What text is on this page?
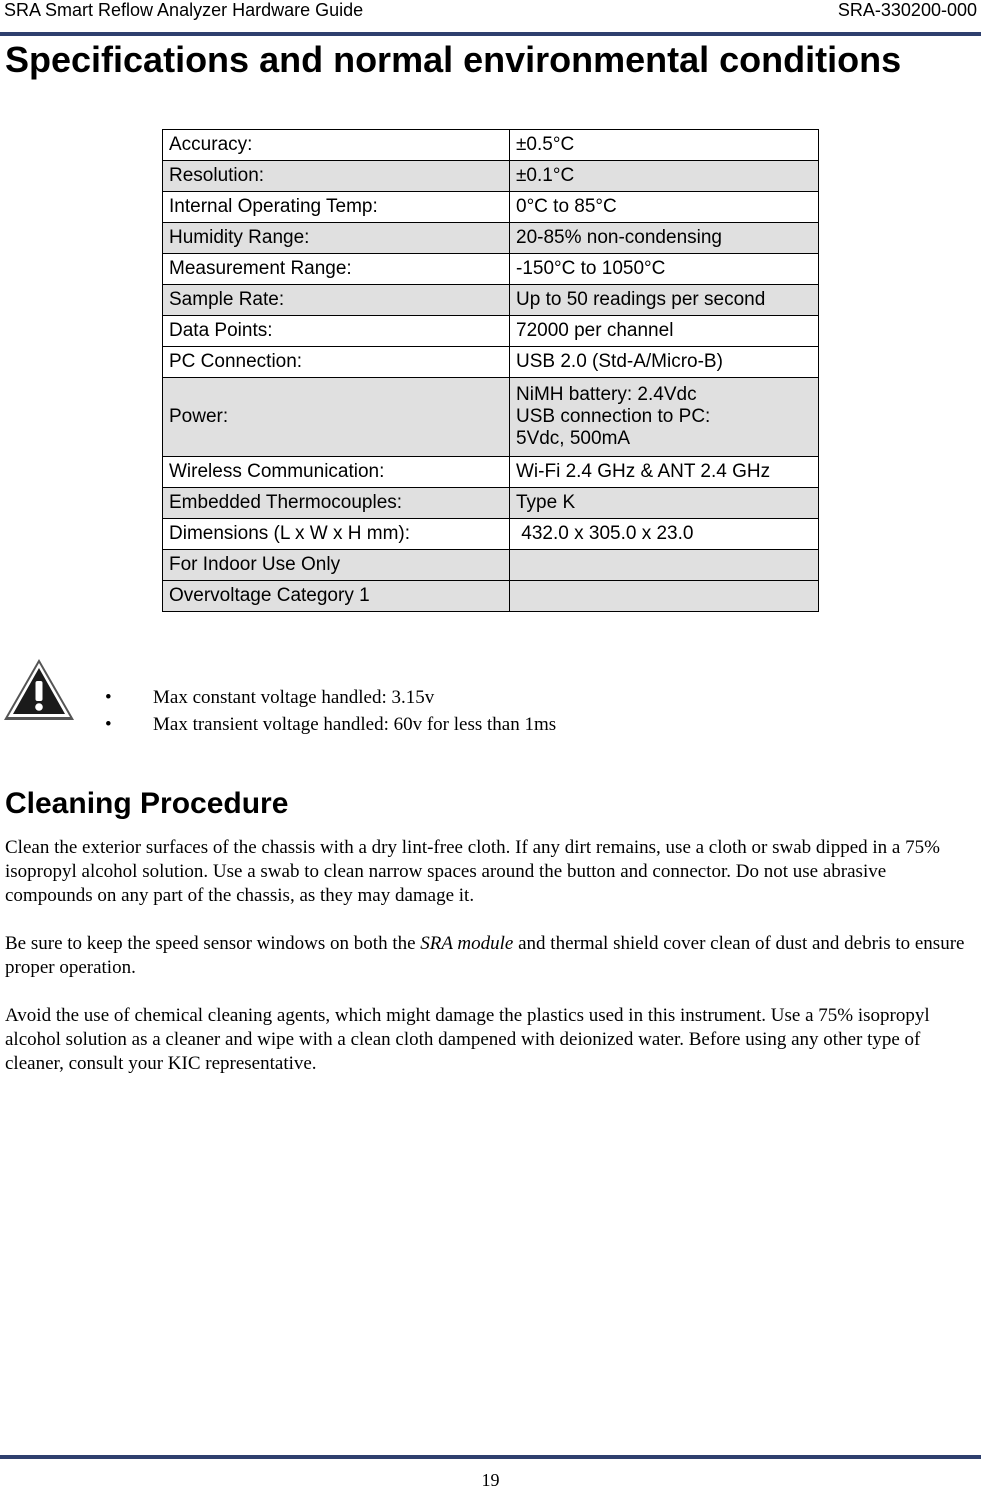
SRA Smart Reflow Analyzer Hardware Guide	SRA-330200-000
Specifications and normal environmental conditions
Accuracy:	±0.5°C
Resolution:	±0.1°C
Internal Operating Temp:	0°C to 85°C
Humidity Range:	20-85% non-condensing
Measurement Range:	-150°C to 1050°C
Sample Rate:	Up to 50 readings per second
Data Points:	72000 per channel
PC Connection:	USB 2.0 (Std-A/Micro-B)
Power:	NiMH battery: 2.4Vdc
USB connection to PC:
5Vdc, 500mA

Wireless Communication:	Wi-Fi 2.4 GHz & ANT 2.4 GHz
Embedded Thermocouples:	Type K
Dimensions (L x W x H mm):	432.0 x 305.0 x 23.0
For Indoor Use Only	
Overvoltage Category 1	
• Max constant voltage handled: 3.15v
• Max transient voltage handled: 60v for less than 1ms
Cleaning Procedure

Clean the exterior surfaces of the chassis with a dry lint-free cloth. If any dirt remains, use a cloth or swab dipped in a 75% isopropyl alcohol solution. Use a swab to clean narrow spaces around the button and connector. Do not use abrasive compounds on any part of the chassis, as they may damage it.

Be sure to keep the speed sensor windows on both the SRA module and thermal shield cover clean of dust and debris to ensure proper operation.

Avoid the use of chemical cleaning agents, which might damage the plastics used in this instrument. Use a 75% isopropyl alcohol solution as a cleaner and wipe with a clean cloth dampened with deionized water. Before using any other type of cleaner, consult your KIC representative.

19
